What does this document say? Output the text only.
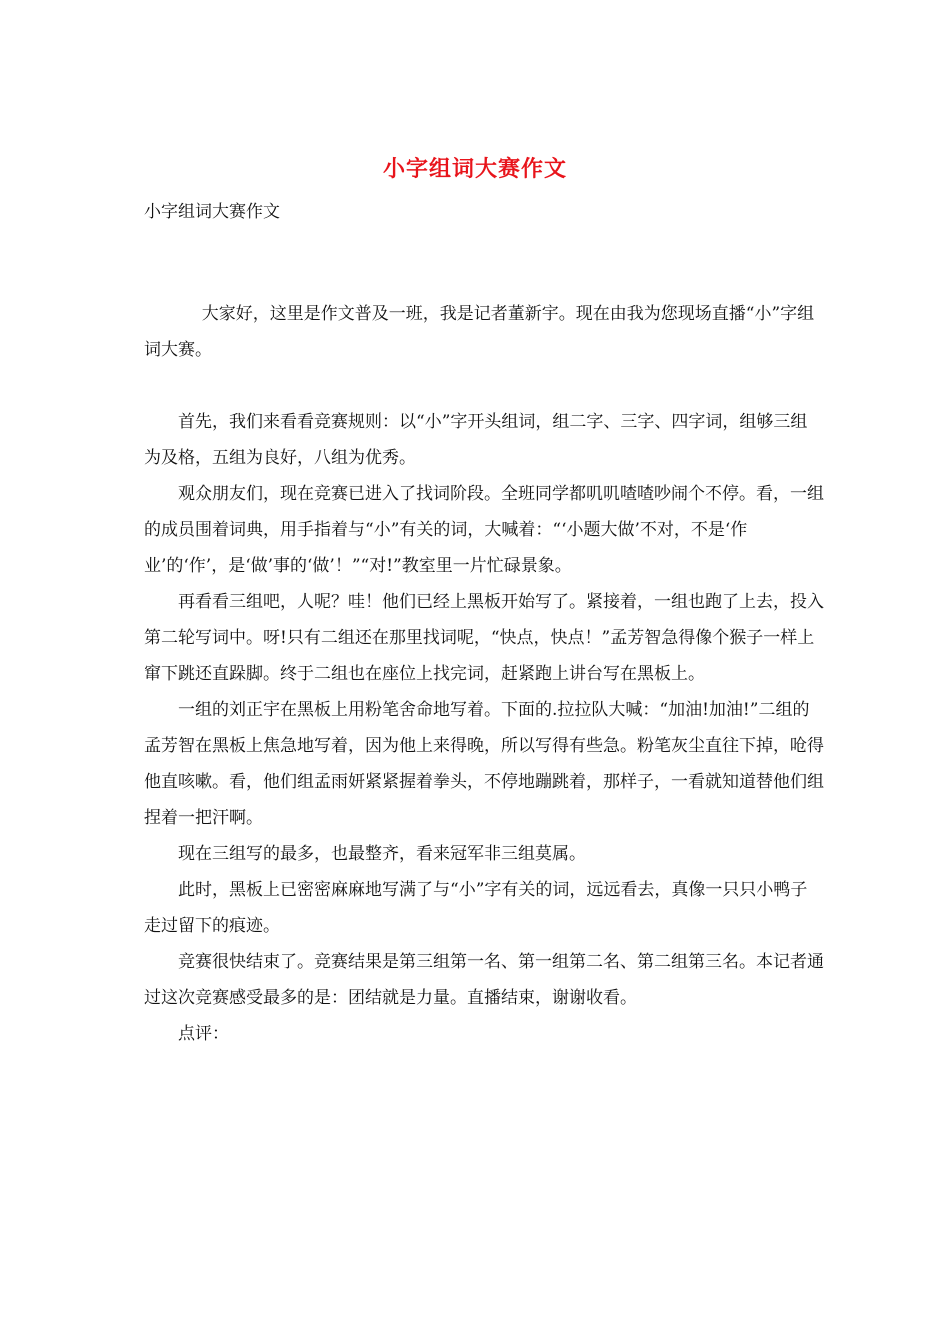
小字组词大赛作文
小字组词大赛作文

大家好，这里是作文普及一班，我是记者董新宇。现在由我为您现场直播“小”字组词大赛。

首先，我们来看看竞赛规则：以“小”字开头组词，组二字、三字、四字词，组够三组为及格，五组为良好，八组为优秀。

观众朋友们，现在竞赛已进入了找词阶段。全班同学都叽叽喳喳吵闹个不停。看，一组的成员围着词典，用手指着与“小”有关的词，大喊着：“‘小题大做’不对，不是‘作业’的‘作’，是‘做’事的‘做’！”“对!”教室里一片忙碌景象。

再看看三组吧，人呢？哇！他们已经上黑板开始写了。紧接着，一组也跑了上去，投入第二轮写词中。呀!只有二组还在那里找词呢，“快点，快点！”孟芳智急得像个猴子一样上窜下跳还直跺脚。终于二组也在座位上找完词，赶紧跑上讲台写在黑板上。

一组的刘正宇在黑板上用粉笔舍命地写着。下面的.拉拉队大喊：“加油!加油!”二组的孟芳智在黑板上焦急地写着，因为他上来得晚，所以写得有些急。粉笔灰尘直往下掉，呛得他直咳嗽。看，他们组孟雨妍紧紧握着拳头，不停地蹦跳着，那样子，一看就知道替他们组捏着一把汗啊。

现在三组写的最多，也最整齐，看来冠军非三组莫属。

此时，黑板上已密密麻麻地写满了与“小”字有关的词，远远看去，真像一只只小鸭子走过留下的痕迹。

竞赛很快结束了。竞赛结果是第三组第一名、第一组第二名、第二组第三名。本记者通过这次竞赛感受最多的是：团结就是力量。直播结束，谢谢收看。

点评：
